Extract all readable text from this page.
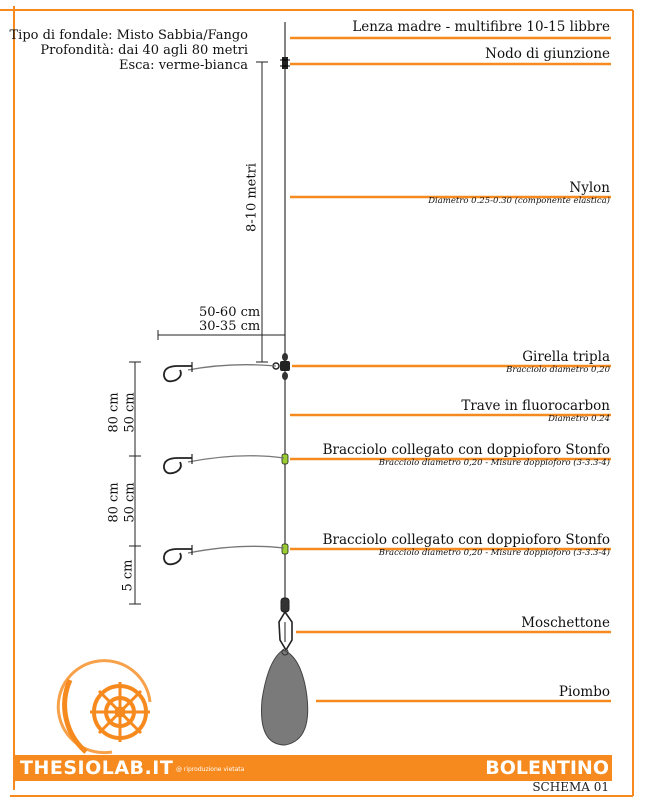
Tipo di fondale: Misto Sabbia/Fango
Profondità: dai 40 agli 80 metri
Esca: verme-bianca
Lenza madre - multifibre 10-15 libbre
Nodo di giunzione
Nylon
Diametro 0.25-0.30 (componente elastica)
Girella tripla
Bracciolo diametro 0,20
Trave in fluorocarbon
Diametro 0.24
Bracciolo collegato con doppioforo Stonfo
Bracciolo diametro 0,20 - Misure doppioforo (3-3.3-4)
Bracciolo collegato con doppioforo Stonfo
Bracciolo diametro 0,20 - Misure doppioforo (3-3.3-4)
Moschettone
Piombo
8-10 metri
50-60 cm
30-35 cm
80 cm 50 cm
80 cm 50 cm
5 cm
THESIOLAB.IT @ riproduzione vietata	BOLENTINO
SCHEMA 01
